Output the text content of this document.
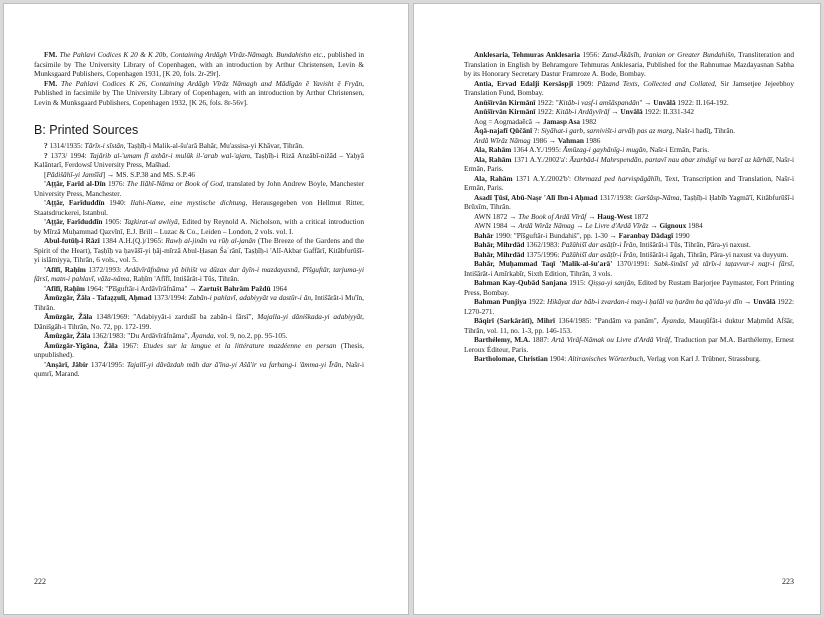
FM. The Pahlavi Codices K 20 & K 20b, Containing Ardāgh Vīrāz-Nāmagh. Bundahishn etc., published in facsimile by The University Library of Copenhagen, with an introduction by Arthur Christensen, Levin & Munksgaard Publishers, Copenhagen 1931, [K 20, fols. 2r-29r].

FM. The Pahlavi Codices K 26, Containing Ardāgh Vīrāz Nāmagh and Mādīgān ē Yavisht ē Fryān, Published in facsimile by The University Library of Copenhagen, with an introduction by Arthur Christensen, Levin & Munksgaard Publishers, Copenhagen 1932, [K 26, fols. 8r-56v].

B: Printed Sources

? 1314/1935: Tārīx-i sīstān, Taṣḥīḥ-i Malik-al-šu'arā Bahār, Mu'assisa-yi Khāvar, Tihrān.

? 1373/ 1994: Tajārib al-'umam fī axbār-i mulūk il-'arab wal-'ajam, Taṣḥīḥ-i Rizā Anzābī-nižād – Yaḥyā Kalāntarī, Ferdowsī University Press, Mašhad.

[Pādišāhī-yi Jamšīd] → MS. S.P.38 and MS. S.P.46

'Aṭṭār, Farīd al-Dīn 1976: The Ilāhī-Nāma or Book of God, translated by John Andrew Boyle, Manchester University Press, Manchester.

'Aṭṭār, Farīduddīn 1940: Ilahi-Name, eine mystische dichtung, Herausgegeben von Hellmut Ritter, Staatsdruckerei, Istanbul.

'Aṭṭār, Farīduddīn 1905: Taẕkirat-ul awliyā, Edited by Reynold A. Nicholson, with a critical introduction by Mīrzā Muḥammad Qazvīnī, E.J. Brill – Luzac & Co., Leiden – London, 2 vols. vol. I.

Abul-futūḥ-i Rāzī 1384 A.H.(Q.)/1965: Rawḥ al-jinān va rūḥ al-janān (The Breeze of the Gardens and the Spirit of the Heart), Taṣḥīḥ va ḥavāšī-yi ḥāj-mīrzā Abul-Ḥasan Šaʿrānī, Taṣḥīḥ-i 'Alī-Akbar Gaffārī, Kitābfurūšī-yi islāmiyya, Tihrān, 6 vols., vol. 5.

'Afīfī, Raḥīm 1372/1993: Ardāvīrāfnāma yā bihišt va dūzax dar āyīn-i mazdayasnā, Pīšguftār, tarjuma-yi fārsī, matn-i pahlavī, vāža-nāma, Raḥīm 'Afīfī, Intišārāt-i Tūs, Tihrān.

'Afīfī, Raḥīm 1964: "Pīšguftār-i Ardāvīrāfnāma" → Zartušt Bahrām Paždū 1964

Āmūzgār, Žāla - Tafaẓẓulī, Aḥmad 1373/1994: Zabān-i pahlavī, adabiyyāt va dastūr-i ān, Intišārāt-i Mu'īn, Tihrān.

Āmūzgār, Žāla 1348/1969: "Adabiyyāt-i zardušī ba zabān-i fārsī", Majalla-yi dāniškada-yi adabiyyāt, Dānišgāh-i Tihrān, No. 72, pp. 172-199.

Āmūzgār, Žāla 1362/1983: "Du Ardāvīrāfnāma", Āyanda, vol. 9, no.2, pp. 95-105.

Āmūzgār-Yigāna, Žāla 1967: Etudes sur la langue et la littérature mazdéenne en persan (Thesis, unpublished).

'Anṣārī, Jābir 1374/1995: Tajallī-yi dāvāzdah māh dar ā'īna-yi Ašā'ir va farhang-i 'āmma-yi Īrān, Našr-i qumrī, Marand.

222

Anklesaria, Tehmuras Anklesaria 1956: Zand-Ākāsīh, Iranian or Greater Bundahišn, Transliteration and Translation in English by Behramgore Tehmuras Anklesaria, Published for the Rahnumae Mazdayasnan Sabha by its Honorary Secretary Dastur Framroze A. Bode, Bombay.

Antia, Ervad Edalji Kersāspjī 1909: Pāzand Texts, Collected and Collated, Sir Jamsetjee Jejeebhoy Translation Fund, Bombay.

Anūšīrvān Kirmānī 1922: "Kitāb-i vaṣf-i amšāspandān" → Unvālā 1922: II.164-192.

Anūšīrvān Kirmānī 1922: Kitāb-i Ardāyvīrāf → Unvālā 1922: II.331-342

Aog = Aogmadaēcā → Jamasp Asa 1982

Āqā-najafī Qūčānī ?: Siyāhat-i garb, sarnivišt-i arvāḥ pas az marg, Našr-i hadīṯ, Tihrān.

Ardā Wīrāz Nāmag 1986 → Vahman 1986

Ala, Rahām 1364 A.Y./1995: Āmūzag-i gayhānīg-i mugān, Našr-i Ermān, Paris.

Ala, Rahām 1371 A.Y./2002'a': Āzarbād-i Mahrspendān, partavī nau abar zindigī va barzī az kārhāī, Našr-i Ermān, Paris.

Ala, Rahām 1371 A.Y./2002'b': Ohrmazd ped harvispāgāhīh, Text, Transcription and Translation, Našr-i Ermān, Paris.

Asadī Ṭūsī, Abū-Naṣr 'Alī Ibn-i Aḥmad 1317/1938: Garšāsp-Nāma, Taṣḥīḥ-i Ḥabīb Yagmā'ī, Kitābfurūšī-i Brūxīm, Tihrān.

AWN 1872 → The Book of Ardā Vīrāf → Haug-West 1872

AWN 1984 → Ardā Wirāz Nāmag → Le Livre d'Ardā Vīrāz → Gignoux 1984

Bahār 1990: "Pīšguftār-i Bundahiš", pp. 1-30 → Faranbay Dādagī 1990

Bahār, Mihrdād 1362/1983: Pažūhišī dar asāṭīr-i Īrān, Intišārāt-i Tūs, Tihrān, Pāra-yi naxust.

Bahār, Mihrdād 1375/1996: Pažūhišī dar asāṭīr-i Īrān, Intišārāt-i āgah, Tihrān, Pāra-yi naxust va duyyum.

Bahār, Muḥammad Taqī 'Malik-al-šu'arā' 1370/1991: Sabk-šināsī yā tārīx-i taṭavvur-i naṯr-i fārsī, Intišārāt-i Amīrkabīr, Sixth Edition, Tihrān, 3 vols.

Bahman Kay-Qubād Sanjana 1915: Qiṣṣa-yi sanjān, Edited by Rustam Barjorjee Paymaster, Fort Printing Press, Bombay.

Bahman Punjiya 1922: Hikāyat dar bāb-i zvardan-i may-i ḥalāl va ḥarām ba qā'ida-yi dīn → Unvālā 1922: I.270-271.

Bāqirī (Sarkārātī), Mihrī 1364/1985: "Pandām va panām", Āyanda, Mauqūfāt-i duktur Maḥmūd Afšār, Tihrān, vol. 11, no. 1-3, pp. 146-153.

Barthélemy, M.A. 1887: Artâ Virâf-Nâmak ou Livre d'Ardâ Virâf, Traduction par M.A. Barthélemy, Ernest Leroux Éditeur, Paris.

Bartholomae, Christian 1904: Altiranisches Wörterbuch, Verlag von Karl J. Trübner, Strassburg.

223
